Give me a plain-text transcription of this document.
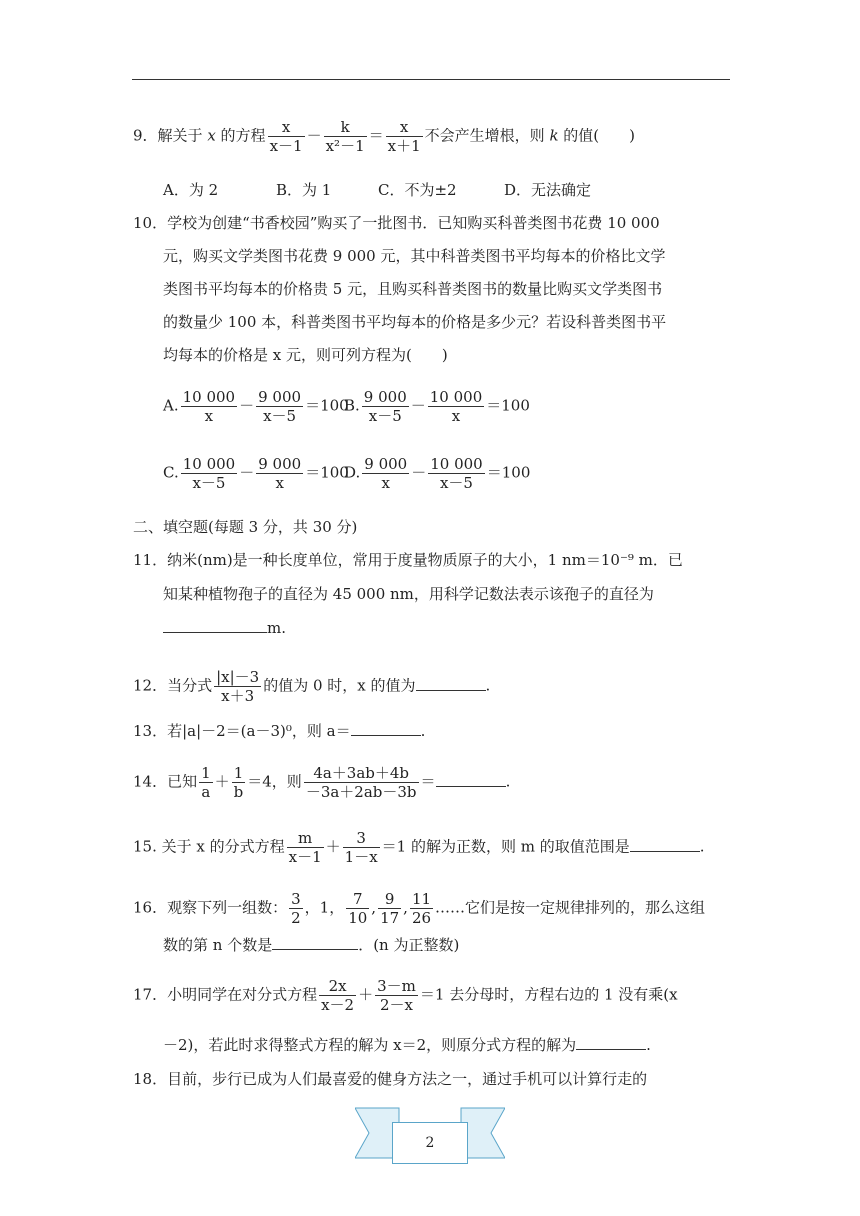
9．解关于 x 的方程 $\frac{x}{x-1} - \frac{k}{\text{x²－1}} = \frac{x}{x+1}$ 不会产生增根，则 k 的值(　　)
A．为 2	B．为 1	C．不为±2	D．无法确定
10．学校为创建“书香校园”购买了一批图书．已知购买科普类图书花费 10 000
元，购买文学类图书花费 9 000 元，其中科普类图书平均每本的价格比文学
类图书平均每本的价格贵 5 元，且购买科普类图书的数量比购买文学类图书
的数量少 100 本，科普类图书平均每本的价格是多少元？若设科普类图书平
均每本的价格是 x 元，则可列方程为(　　)
A. $\frac{10 000}{x} - \frac{9 000}{x-5} =100$
B. $\frac{9 000}{x-5} - \frac{10 000}{x} =100$
C. $\frac{10 000}{x-5} - \frac{9 000}{x} =100$
D. $\frac{9 000}{x} - \frac{10 000}{x-5} =100$
二、填空题(每题 3 分，共 30 分)
11．纳米(nm)是一种长度单位，常用于度量物质原子的大小，1 nm＝10⁻⁹ m．已
知某种植物孢子的直径为 45 000 nm，用科学记数法表示该孢子的直径为
m.
12．当分式 $\frac{|x|-3}{x+3}$ 的值为 0 时，x 的值为	.
13．若|a|－2＝(a－3)⁰，则 a＝	.
14．已知 $\frac{1}{a} + \frac{1}{b} =4$，则 $\frac{4a+3ab+4b}{-3a+2ab-3b}$ ＝	.
15. 关于 x 的分式方程 $\frac{m}{x-1} + \frac{3}{1-x} =1$ 的解为正数，则 m 的取值范围是	.
16．观察下列一组数： $\frac{3}{2}$ ，1， $\frac{7}{10}$ , $\frac{9}{17}$ , $\frac{11}{26}$ ……它们是按一定规律排列的，那么这组
数的第 n 个数是	．(n 为正整数)
17．小明同学在对分式方程 $\frac{2x}{x-2} + \frac{3-m}{2-x} =1$ 去分母时，方程右边的 1 没有乘(x
－2)，若此时求得整式方程的解为 x＝2，则原分式方程的解为	.
18．目前，步行已成为人们最喜爱的健身方法之一，通过手机可以计算行走的
2
